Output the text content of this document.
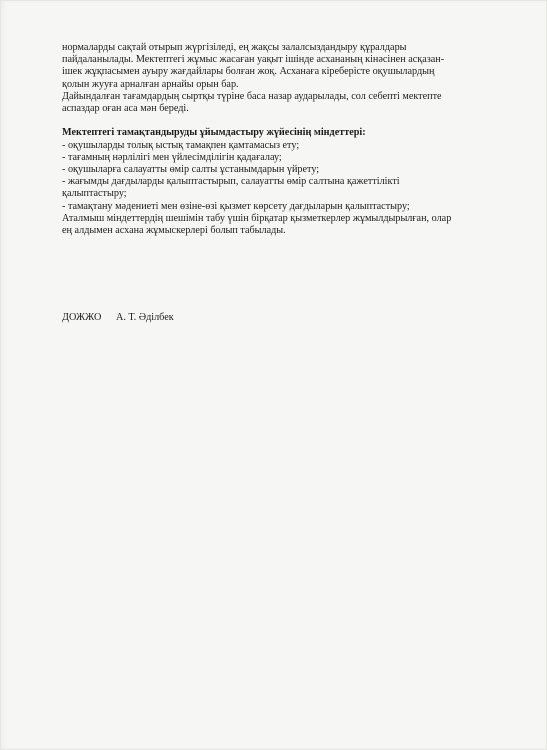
нормаларды сақтай отырып жүргізіледі, ең жақсы залалсыздандыру құралдары
пайдаланылады. Мектептегі жұмыс жасаған уақыт ішінде асхананың кінәсінен асқазан-
ішек жұқпасымен ауыру жағдайлары болған жоқ. Асханаға кіреберісте оқушылардың
қолын жууға арналған арнайы орын бар.
Дайындалған тағамдардың сыртқы түріне баса назар аударылады, сол себепті мектепте
аспаздар оған аса мән береді.
Мектептегі тамақтандыруды ұйымдастыру жүйесінің міндеттері:
- оқушыларды толық ыстық тамақпен қамтамасыз ету;
- тағамның нәрлілігі мен үйлесімділігін қадағалау;
- оқушыларға салауатты өмір салты ұстанымдарын үйрету;
- жағымды дағдыларды қалыптастырып, салауатты өмір салтына қажеттілікті
қалыптастыру;
- тамақтану мәдениеті мен өзіне-өзі қызмет көрсету дағдыларын қалыптастыру;
Аталмыш міндеттердің шешімін табу үшін бірқатар қызметкерлер жұмылдырылған, олар
ең алдымен асхана жұмыскерлері болып табылады.
ДОЖЖО А. Т. Әділбек
